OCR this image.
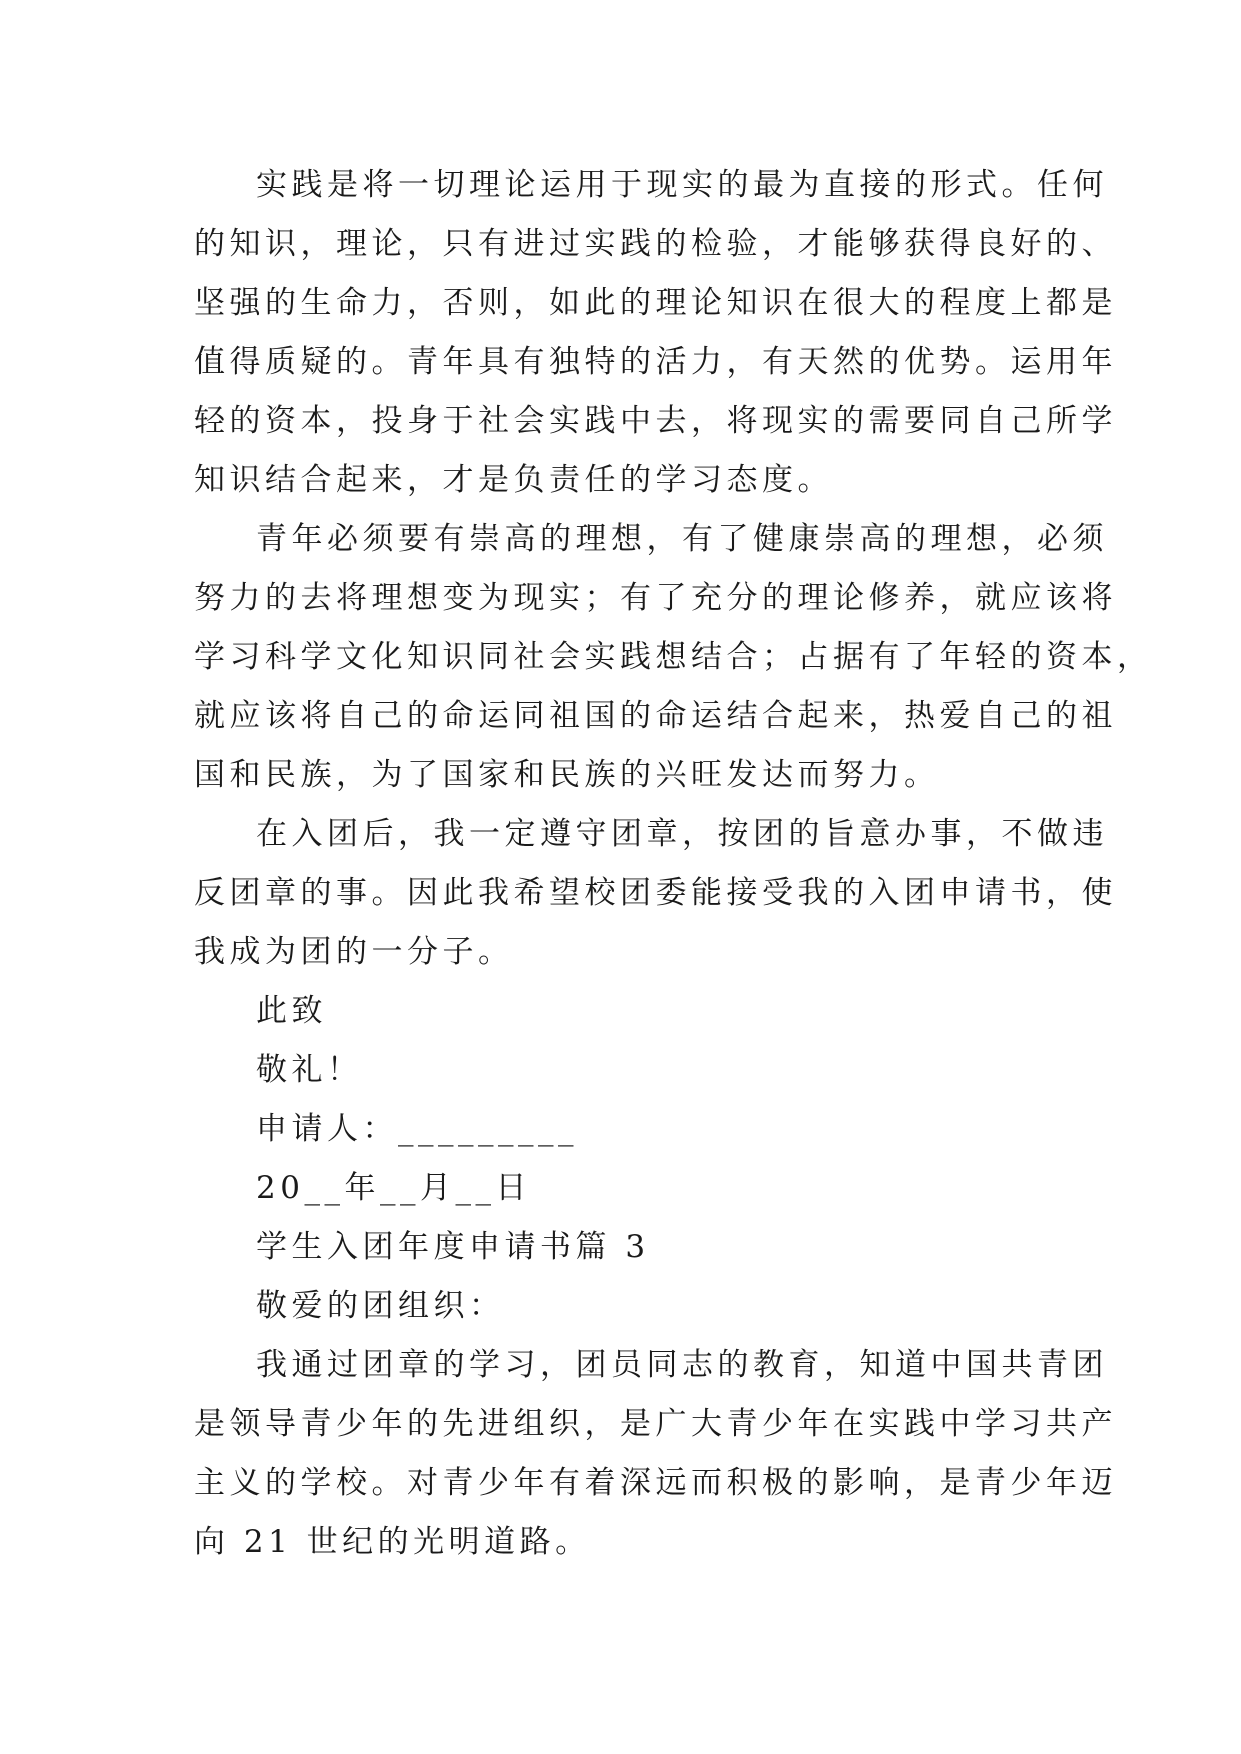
实践是将一切理论运用于现实的最为直接的形式。任何
的知识，理论，只有进过实践的检验，才能够获得良好的、
坚强的生命力，否则，如此的理论知识在很大的程度上都是
值得质疑的。青年具有独特的活力，有天然的优势。运用年
轻的资本，投身于社会实践中去，将现实的需要同自己所学
知识结合起来，才是负责任的学习态度。
青年必须要有崇高的理想，有了健康崇高的理想，必须
努力的去将理想变为现实；有了充分的理论修养，就应该将
学习科学文化知识同社会实践想结合；占据有了年轻的资本，
就应该将自己的命运同祖国的命运结合起来，热爱自己的祖
国和民族，为了国家和民族的兴旺发达而努力。
在入团后，我一定遵守团章，按团的旨意办事，不做违
反团章的事。因此我希望校团委能接受我的入团申请书，使
我成为团的一分子。
此致
敬礼！
申请人：_________
20__年__月__日
学生入团年度申请书篇 3
敬爱的团组织：
我通过团章的学习，团员同志的教育，知道中国共青团
是领导青少年的先进组织，是广大青少年在实践中学习共产
主义的学校。对青少年有着深远而积极的影响，是青少年迈
向 21 世纪的光明道路。
